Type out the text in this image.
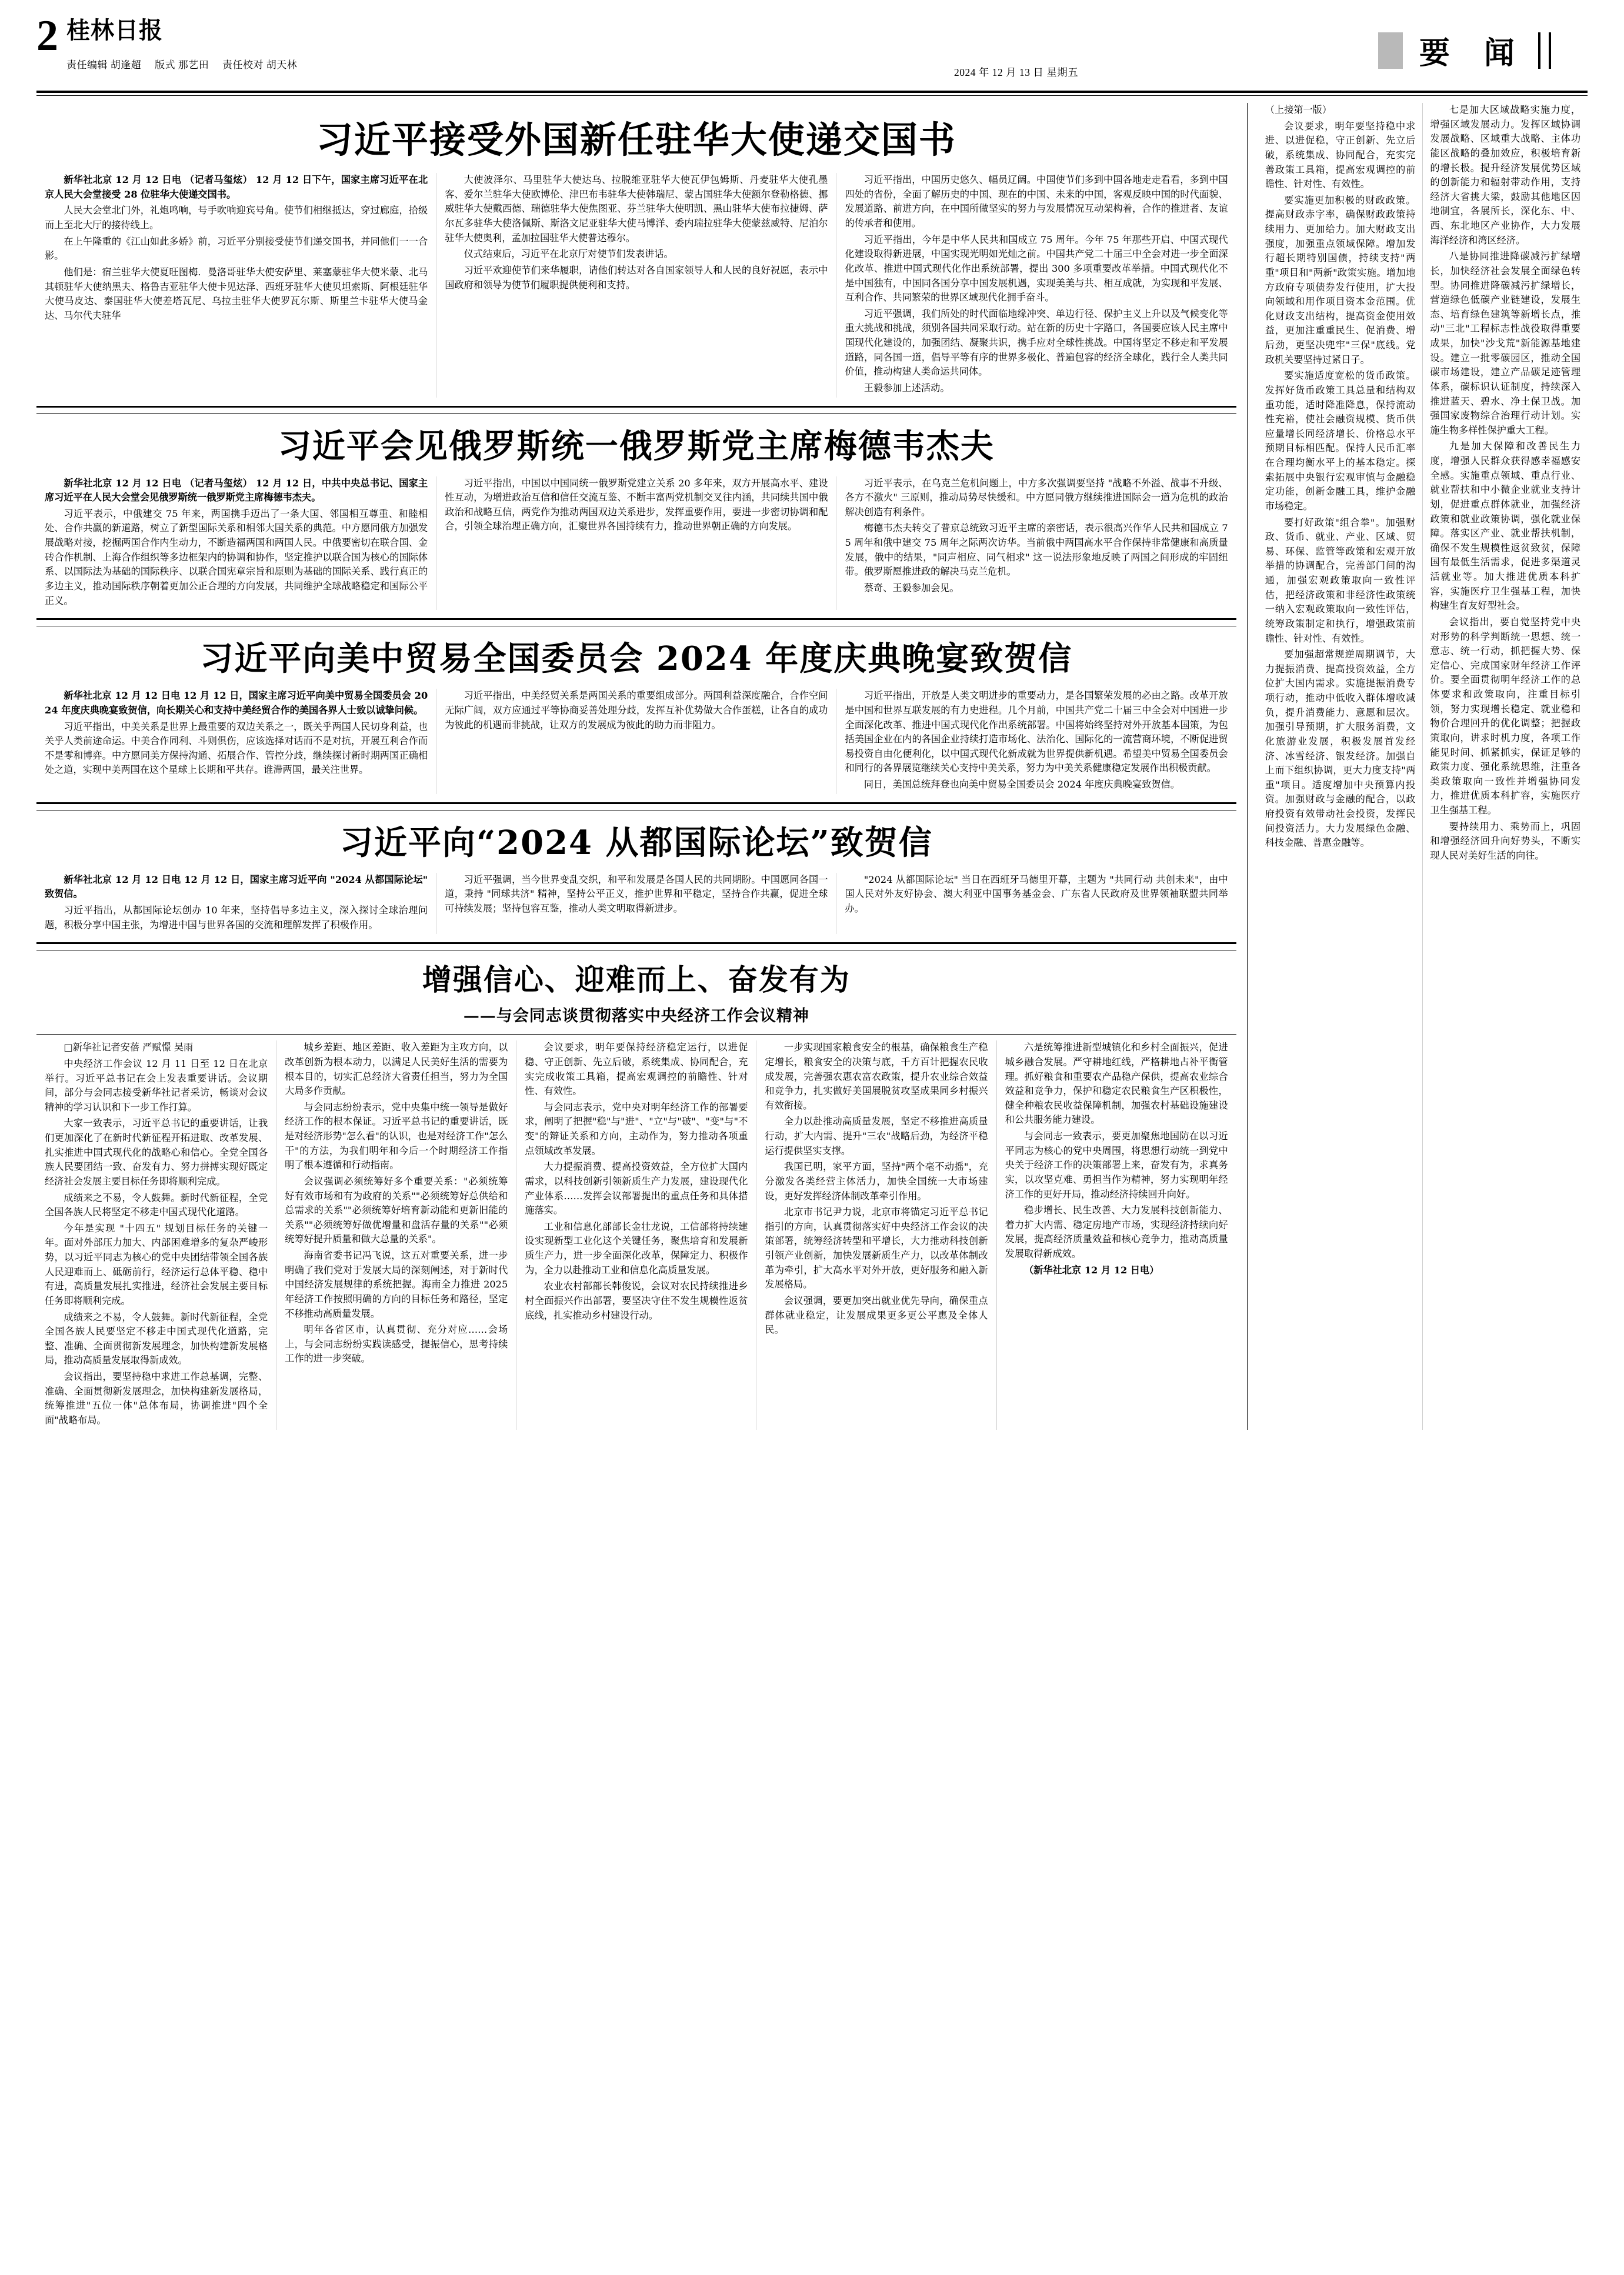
2 桂林日报
责任编辑 胡逢超 版式 那艺田 责任校对 胡天林
2024 年 12 月 13 日 星期五
要 闻
习近平接受外国新任驻华大使递交国书

新华社北京 12 月 12 日电 （记者马玺炫） 12 月 12 日下午，国家主席习近平在北京人民大会堂接受 28 位驻华大使递交国书。

人民大会堂北门外，礼炮鸣响，号手吹响迎宾号角。使节们相继抵达，穿过廊庭，拾级而上至北大厅的接待线上。

在上午隆重的《江山如此多娇》前，习近平分别接受使节们递交国书，并同他们一一合影。

他们是：宿兰驻华大使夏旺图梅．曼洛哥驻华大使安萨里、莱塞蒙驻华大使米蒙、北马其顿驻华大使纳黑夫、格鲁吉亚驻华大使卡见达泽、西班牙驻华大使贝坦索斯、阿根廷驻华大使马皮达、泰国驻华大使差塔瓦尼、乌拉圭驻华大使罗瓦尔斯、斯里兰卡驻华大使马金达、马尔代夫驻华

大使波泽尔、马里驻华大使达乌、拉脱维亚驻华大使瓦伊包姆斯、丹麦驻华大使孔墨客、爱尔兰驻华大使欧博伦、津巴布韦驻华大使韩瑞尼、蒙古国驻华大使额尔登勒格德、挪威驻华大使戴西德、瑞德驻华大使焦图亚、芬兰驻华大使明凯、黑山驻华大使布拉捷姆、萨尔瓦多驻华大使洛佩斯、斯洛文尼亚驻华大使马博洋、委内瑞拉驻华大使蒙兹威特、尼泊尔驻华大使奥利，孟加拉国驻华大使普达穆尔。

仪式结束后，习近平在北京厅对使节们发表讲话。

习近平欢迎使节们来华履职，请他们转达对各自国家领导人和人民的良好祝愿，表示中国政府和领导为使节们履职提供便利和支持。

习近平指出，中国历史悠久、幅员辽阔。中国使节们多到中国各地走走看看，多到中国四处的省份，全面了解历史的中国、现在的中国、未来的中国，客观反映中国的时代面貌、发展道路、前进方向，在中国所做坚实的努力与发展情况互动架构着，合作的推进者、友谊的传承者和使用。

习近平指出，今年是中华人民共和国成立 75 周年。今年 75 年那些开启、中国式现代化建设取得新进展，中国实现光明如光灿之前。中国共产党二十届三中全会对进一步全面深化改革、推进中国式现代化作出系统部署，提出 300 多项重要改革举措。中国式现代化不是中国独有，中国同各国分享中国发展机遇，实现美美与共、相互成就，为实现和平发展、互利合作、共同繁荣的世界区域现代化拥手奋斗。

习近平强调，我们所处的时代面临地缘冲突、单边行径、保护主义上升以及气候变化等重大挑战和挑战，须别各国共同采取行动。站在新的历史十字路口，各国要应该人民主席中国现代化建设的，加强团结、凝聚共识，携手应对全球性挑战。中国将坚定不移走和平发展道路，同各国一道，倡导平等有序的世界多极化、普遍包容的经济全球化，践行全人类共同价值，推动构建人类命运共同体。

王毅参加上述活动。

习近平会见俄罗斯统一俄罗斯党主席梅德韦杰夫

新华社北京 12 月 12 日电 （记者马玺炫） 12 月 12 日，中共中央总书记、国家主席习近平在人民大会堂会见俄罗斯统一俄罗斯党主席梅德韦杰夫。

习近平表示，中俄建交 75 年来，两国携手迈出了一条大国、邻国相互尊重、和睦相处、合作共赢的新道路，树立了新型国际关系和相邻大国关系的典范。中方愿同俄方加强发展战略对接，挖掘两国合作内生动力，不断造福两国和两国人民。中俄要密切在联合国、金砖合作机制、上海合作组织等多边框架内的协调和协作，坚定推护以联合国为核心的国际体系、以国际法为基础的国际秩序、以联合国宪章宗旨和原则为基础的国际关系、践行真正的多边主义，推动国际秩序朝着更加公正合理的方向发展，共同维护全球战略稳定和国际公平正义。

习近平指出，中国以中国同统一俄罗斯党建立关系 20 多年来，双方开展高水平、建设性互动，为增进政治互信和信任交流互鉴、不断丰富两党机制交叉往内涵，共同续共国中俄政治和战略互信，两党作为推动两国双边关系进步，发挥重要作用，要进一步密切协调和配合，引领全球治理正确方向，汇聚世界各国持续有力，推动世界朝正确的方向发展。

习近平表示，在乌克兰危机问题上，中方多次强调要坚持 "战略不外溢、战事不升级、各方不激火" 三原则，推动局势尽快缓和。中方愿同俄方继续推进国际会一道为危机的政治解决创造有利条件。

梅德韦杰夫转交了普京总统致习近平主席的亲密话，表示很高兴作华人民共和国成立 75 周年和俄中建交 75 周年之际两次访华。当前俄中两国高水平合作保持非常健康和高质量发展，俄中的结果，"同声相应、同气相求" 这一说法形象地反映了两国之间形成的牢固纽带。俄罗斯愿推进政的解决马克兰危机。

蔡奇、王毅参加会见。

习近平向美中贸易全国委员会 2024 年度庆典晚宴致贺信

新华社北京 12 月 12 日电 12 月 12 日，国家主席习近平向美中贸易全国委员会 2024 年度庆典晚宴致贺信，向长期关心和支持中美经贸合作的美国各界人士致以诚挚问候。

习近平指出，中美关系是世界上最重要的双边关系之一，既关乎两国人民切身利益，也关乎人类前途命运。中美合作同利、斗则俱伤，应该选择对话而不是对抗，开展互利合作而不是零和博弈。中方愿同美方保持沟通、拓展合作、管控分歧，继续探讨新时期两国正确相处之道，实现中美两国在这个星球上长期和平共存。谁滞两国，最关注世界。

习近平指出，中美经贸关系是两国关系的重要组成部分。两国利益深度融合，合作空间无际广阔，双方应通过平等协商妥善处理分歧，发挥互补优势做大合作蛋糕，让各自的成功为彼此的机遇而非挑战，让双方的发展成为彼此的助力而非阻力。

习近平指出，开放是人类文明进步的重要动力，是各国繁荣发展的必由之路。改革开放是中国和世界互联发展的有力史进程。几个月前，中国共产党二十届三中全会对中国进一步全面深化改革、推进中国式现代化作出系统部署。中国将始终坚持对外开放基本国策，为包括美国企业在内的各国企业持续打造市场化、法治化、国际化的一流营商环境，不断促进贸易投资自由化便利化，以中国式现代化新成就为世界提供新机遇。希望美中贸易全国委员会和同行的各界展览继续关心支持中美关系，努力为中美关系健康稳定发展作出积极贡献。

同日，美国总统拜登也向美中贸易全国委员会 2024 年度庆典晚宴致贺信。

习近平向“2024 从都国际论坛”致贺信

新华社北京 12 月 12 日电 12 月 12 日，国家主席习近平向 "2024 从都国际论坛" 致贺信。

习近平指出，从都国际论坛创办 10 年来，坚持倡导多边主义，深入探讨全球治理问题，积极分享中国主张，为增进中国与世界各国的交流和理解发挥了积极作用。

习近平强调，当今世界变乱交织，和平和发展是各国人民的共同期盼。中国愿同各国一道，秉持 "同球共济" 精神，坚持公平正义，推护世界和平稳定，坚持合作共赢，促进全球可持续发展；坚持包容互鉴，推动人类文明取得新进步。

"2024 从都国际论坛" 当日在西班牙马德里开幕，主题为 "共同行动 共创未来"，由中国人民对外友好协会、澳大利亚中国事务基金会、广东省人民政府及世界领袖联盟共同举办。

增强信心、迎难而上、奋发有为
——与会同志谈贯彻落实中央经济工作会议精神

□新华社记者安蓓 严赋憬 吴雨

中央经济工作会议 12 月 11 日至 12 日在北京举行。习近平总书记在会上发表重要讲话。会议期间，部分与会同志接受新华社记者采访，畅谈对会议精神的学习认识和下一步工作打算。

大家一致表示，习近平总书记的重要讲话，让我们更加深化了在新时代新征程开拓进取、改革发展、扎实推进中国式现代化的战略心和信心。全党全国各族人民要团结一致、奋发有力、努力拼搏实现好既定经济社会发展主要目标任务即将顺利完成。

成绩来之不易，令人鼓舞。新时代新征程，全党全国各族人民将坚定不移走中国式现代化道路。

今年是实现 "十四五" 规划目标任务的关键一年。面对外部压力加大、内部困难增多的复杂严峻形势，以习近平同志为核心的党中央团结带领全国各族人民迎难而上、砥砺前行，经济运行总体平稳、稳中有进，高质量发展扎实推进，经济社会发展主要目标任务即将顺利完成。

成绩来之不易，令人鼓舞。新时代新征程，全党全国各族人民要坚定不移走中国式现代化道路，完整、准确、全面贯彻新发展理念，加快构建新发展格局，推动高质量发展取得新成效。

会议指出，要坚持稳中求进工作总基调，完整、准确、全面贯彻新发展理念，加快构建新发展格局，统筹推进"五位一体"总体布局，协调推进"四个全面"战略布局。

城乡差距、地区差距、收入差距为主攻方向，以改革创新为根本动力，以满足人民美好生活的需要为根本目的，切实汇总经济大省责任担当，努力为全国大局多作贡献。

与会同志纷纷表示，党中央集中统一领导是做好经济工作的根本保证。习近平总书记的重要讲话，既是对经济形势"怎么看"的认识，也是对经济工作"怎么干"的方法，为我们明年和今后一个时期经济工作指明了根本遵循和行动指南。

会议强调必须统筹好多个重要关系："必须统筹好有效市场和有为政府的关系""必须统筹好总供给和总需求的关系""必须统筹好培育新动能和更新旧能的关系""必须统筹好做优增量和盘活存量的关系""必须统筹好提升质量和做大总量的关系"。

海南省委书记冯飞说，这五对重要关系，进一步明确了我们党对于发展大局的深刻阐述，对于新时代中国经济发展规律的系统把握。海南全力推进 2025 年经济工作按照明确的方向的目标任务和路径，坚定不移推动高质量发展。

明年各省区市，认真贯彻、充分对应……会场上，与会同志纷纷实践读感受，提振信心，思考持续工作的进一步突破。

会议要求，明年要保持经济稳定运行，以进促稳、守正创新、先立后破，系统集成、协同配合，充实完成收策工具箱，提高宏观调控的前瞻性、针对性、有效性。

与会同志表示，党中央对明年经济工作的部署要求，阐明了把握"稳"与"进"、"立"与"破"、"变"与"不变"的辩证关系和方向，主动作为，努力推动各项重点领域改革发展。

大力提振消费、提高投资效益，全方位扩大国内需求，以科技创新引领新质生产力发展，建设现代化产业体系……发挥会议部署提出的重点任务和具体措施落实。

工业和信息化部部长金壮龙说，工信部将持续建设实现新型工业化这个关键任务，聚焦培育和发展新质生产力，进一步全面深化改革，保障定力、积极作为，全力以赴推动工业和信息化高质量发展。

农业农村部部长韩俊说，会议对农民持续推进乡村全面振兴作出部署，要坚决守住不发生规模性返贫底线，扎实推动乡村建设行动。

一步实现国家粮食安全的根基，确保粮食生产稳定增长，粮食安全的决策与底，千方百计把握农民收成发展，完善强农惠农富农政策，提升农业综合效益和竞争力，扎实做好美国展脱贫攻坚成果同乡村振兴有效衔接。

全力以赴推动高质量发展，坚定不移推进高质量行动，扩大内需、提升"三农"战略后劲，为经济平稳运行提供坚实支撑。

我国已明，家平方面，坚持"两个毫不动摇"，充分激发各类经营主体活力，加快全国统一大市场建设，更好发挥经济体制改革牵引作用。

北京市书记尹力说，北京市将锚定习近平总书记指引的方向，认真贯彻落实好中央经济工作会议的决策部署，统筹经济转型和平增长，大力推动科技创新引领产业创新，加快发展新质生产力，以改革体制改革为牵引，扩大高水平对外开放，更好服务和融入新发展格局。

会议强调，要更加突出就业优先导向，确保重点群体就业稳定，让发展成果更多更公平惠及全体人民。

六是统筹推进新型城镇化和乡村全面振兴，促进城乡融合发展。严守耕地红线，严格耕地占补平衡管理。抓好粮食和重要农产品稳产保供，提高农业综合效益和竞争力，保护和稳定农民粮食生产区积极性，健全种粮农民收益保障机制，加强农村基础设施建设和公共服务能力建设。

与会同志一致表示，要更加聚焦地国防在以习近平同志为核心的党中央周围，将思想行动统一到党中央关于经济工作的决策部署上来，奋发有为，求真务实，以攻坚克难、勇担当作为精神，努力实现明年经济工作的更好开局，推动经济持续回升向好。

稳步增长、民生改善、大力发展科技创新能力、着力扩大内需、稳定房地产市场，实现经济持续向好发展，提高经济质量效益和核心竞争力，推动高质量发展取得新成效。

（新华社北京 12 月 12 日电）

（上接第一版）

会议要求，明年要坚持稳中求进、以进促稳，守正创新、先立后破，系统集成、协同配合，充实完善政策工具箱，提高宏观调控的前瞻性、针对性、有效性。

要实施更加积极的财政政策。提高财政赤字率，确保财政政策持续用力、更加给力。加大财政支出强度，加强重点领域保障。增加发行超长期特别国债，持续支持"两重"项目和"两新"政策实施。增加地方政府专项债券发行使用，扩大投向领域和用作项目资本金范围。优化财政支出结构，提高资金使用效益，更加注重重民生、促消费、增后劲，更坚决兜牢"三保"底线。党政机关要坚持过紧日子。

要实施适度宽松的货币政策。发挥好货币政策工具总量和结构双重功能，适时降准降息，保持流动性充裕，使社会融资规模、货币供应量增长同经济增长、价格总水平预期目标相匹配。保持人民币汇率在合理均衡水平上的基本稳定。探索拓展中央银行宏观审慎与金融稳定功能，创新金融工具，维护金融市场稳定。

要打好政策"组合拳"。加强财政、货币、就业、产业、区域、贸易、环保、监管等政策和宏观开放举措的协调配合，完善部门间的沟通，加强宏观政策取向一致性评估，把经济政策和非经济性政策统一纳入宏观政策取向一致性评估，统筹政策制定和执行，增强政策前瞻性、针对性、有效性。

要加强超常规逆周期调节，大力提振消费、提高投资效益，全方位扩大国内需求。实施提振消费专项行动，推动中低收入群体增收减负，提升消费能力、意愿和层次。加强引导预期，扩大服务消费，文化旅游业发展，积极发展首发经济、冰雪经济、银发经济。加强自上而下组织协调，更大力度支持"两重"项目。适度增加中央预算内投资。加强财政与金融的配合，以政府投资有效带动社会投资，发挥民间投资活力。大力发展绿色金融、科技金融、普惠金融等。

七是加大区域战略实施力度，增强区域发展动力。发挥区域协调发展战略、区域重大战略、主体功能区战略的叠加效应，积极培育新的增长极。提升经济发展优势区域的创新能力和辐射带动作用，支持经济大省挑大梁，鼓励其他地区因地制宜，各展所长，深化东、中、西、东北地区产业协作，大力发展海洋经济和湾区经济。

八是协同推进降碳减污扩绿增长，加快经济社会发展全面绿色转型。协同推进降碳减污扩绿增长，营造绿色低碳产业链建设，发展生态、培育绿色建筑等新增长点，推动"三北"工程标志性战役取得重要成果，加快"沙戈荒"新能源基地建设。建立一批零碳园区，推动全国碳市场建设，建立产品碳足迹管理体系，碳标识认证制度，持续深入推进蓝天、碧水、净土保卫战。加强国家废物综合治理行动计划。实施生物多样性保护重大工程。

九是加大保障和改善民生力度，增强人民群众获得感幸福感安全感。实施重点领域、重点行业、就业帮扶和中小微企业就业支持计划，促进重点群体就业，加强经济政策和就业政策协调，强化就业保障。落实区产业、就业帮扶机制，确保不发生规模性返贫致贫，保障国有最低生活需求，促进多渠道灵活就业等。加大推进优质本科扩容，实施医疗卫生强基工程，加快构建生育友好型社会。

会议指出，要自觉坚持党中央对形势的科学判断统一思想、统一意志、统一行动，抓把握大势、保定信心、完成国家财年经济工作评价。要全面贯彻明年经济工作的总体要求和政策取向，注重目标引领，努力实现增长稳定、就业稳和物价合理回升的优化调整；把握政策取向，讲求时机力度，各项工作能见时间、抓紧抓实，保证足够的政策力度、强化系统思维，注重各类政策取向一致性并增强协同发力，推进优质本科扩容，实施医疗卫生强基工程。

要持续用力、乘势而上，巩固和增强经济回升向好势头，不断实现人民对美好生活的向往。
